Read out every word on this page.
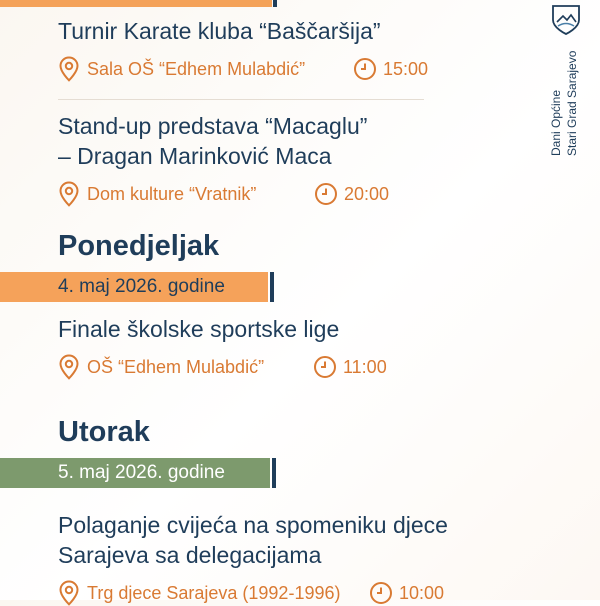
Turnir Karate kluba “Baščaršija”

Sala OŠ “Edhem Mulabdić”	15:00

Stand-up predstava “Macaglu”

– Dragan Marinković Maca

Dom kulture “Vratnik”	20:00
Ponedjeljak
4. maj 2026. godine

Finale školske sportske lige

OŠ “Edhem Mulabdić”	11:00
Utorak
5. maj 2026. godine

Polaganje cvijeća na spomeniku djece

Sarajeva sa delegacijama

Trg djece Sarajeva (1992-1996)	10:00
Dani Općine Stari Grad Sarajevo
